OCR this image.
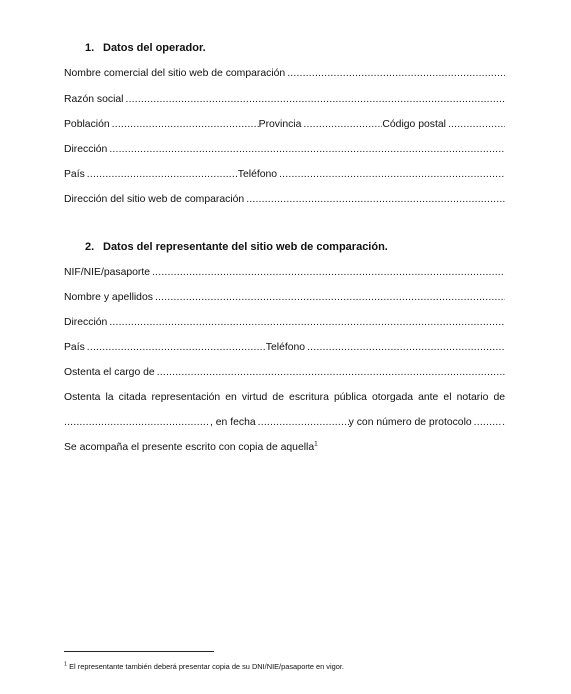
1. Datos del operador.
Nombre comercial del sitio web de comparación
.....
Razón social
.....
Población .....	Provincia .....	Código postal
.....
Dirección
.....
País .....	Teléfono
.....
Dirección del sitio web de comparación
.....
2. Datos del representante del sitio web de comparación.
NIF/NIE/pasaporte
.....
Nombre y apellidos
.....
Dirección
.....
País .....	Teléfono
.....
Ostenta el cargo de
.....
Ostenta la citada representación en virtud de escritura pública otorgada ante el notario de
.....
, en fecha .....	y con número de protocolo .....	.
Se acompaña el presente escrito con copia de aquella$^1$
$^1$ El representante también deberá presentar copia de su DNI/NIE/pasaporte en vigor.
